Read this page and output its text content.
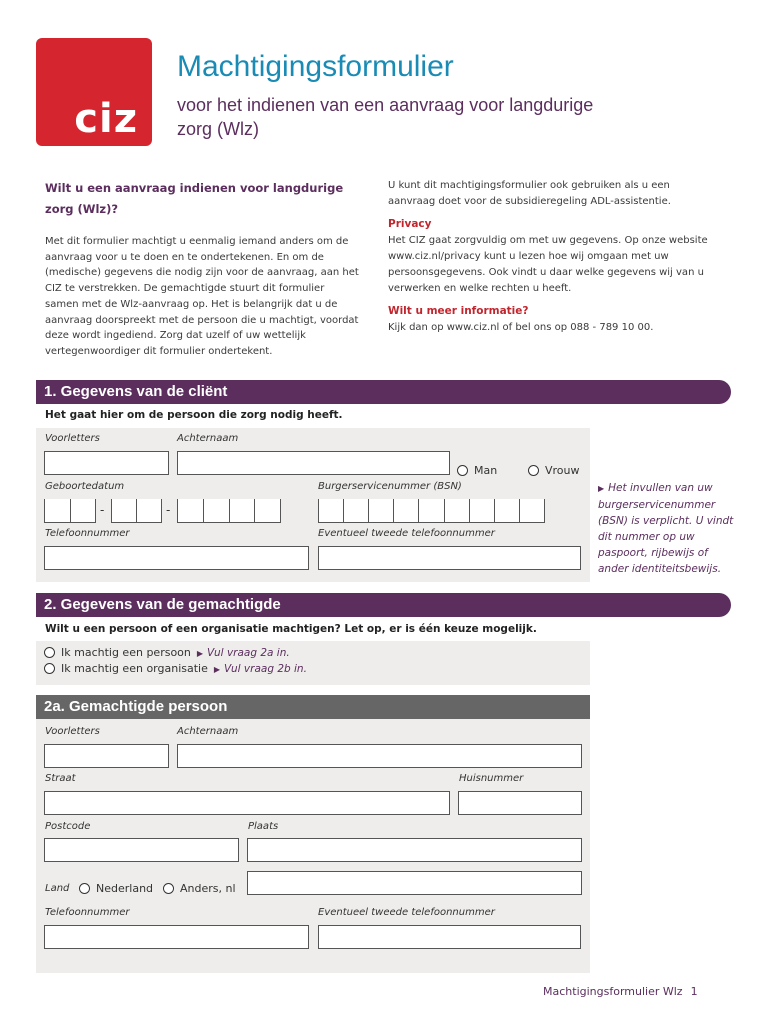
ciz
Machtigingsformulier
voor het indienen van een aanvraag voor langdurige zorg (Wlz)
Wilt u een aanvraag indienen voor langdurige zorg (Wlz)?
Met dit formulier machtigt u eenmalig iemand anders om de aanvraag voor u te doen en te ondertekenen. En om de (medische) gegevens die nodig zijn voor de aanvraag, aan het CIZ te verstrekken. De gemachtigde stuurt dit formulier samen met de Wlz-aanvraag op. Het is belangrijk dat u de aanvraag doorspreekt met de persoon die u machtigt, voordat deze wordt ingediend. Zorg dat uzelf of uw wettelijk vertegenwoordiger dit formulier ondertekent.
U kunt dit machtigingsformulier ook gebruiken als u een aanvraag doet voor de subsidieregeling ADL-assistentie.
Privacy
Het CIZ gaat zorgvuldig om met uw gegevens. Op onze website www.ciz.nl/privacy kunt u lezen hoe wij omgaan met uw persoonsgegevens. Ook vindt u daar welke gegevens wij van u verwerken en welke rechten u heeft.
Wilt u meer informatie?
Kijk dan op www.ciz.nl of bel ons op 088 - 789 10 00.
1. Gegevens van de cliënt
Het gaat hier om de persoon die zorg nodig heeft.
Voorletters	Achternaam
Man	Vrouw
Geboortedatum	Burgerservicenummer (BSN)
-	-
Telefoonnummer	Eventueel tweede telefoonnummer
▶ Het invullen van uw burgerservicenummer (BSN) is verplicht. U vindt dit nummer op uw paspoort, rijbewijs of ander identiteitsbewijs.
2. Gegevens van de gemachtigde
Wilt u een persoon of een organisatie machtigen? Let op, er is één keuze mogelijk.
Ik machtig een persoon ▶ Vul vraag 2a in.
Ik machtig een organisatie ▶ Vul vraag 2b in.
2a. Gemachtigde persoon
Voorletters	Achternaam
Straat	Huisnummer
Postcode	Plaats
Land Nederland Anders, nl
Telefoonnummer	Eventueel tweede telefoonnummer
Machtigingsformulier Wlz 1
